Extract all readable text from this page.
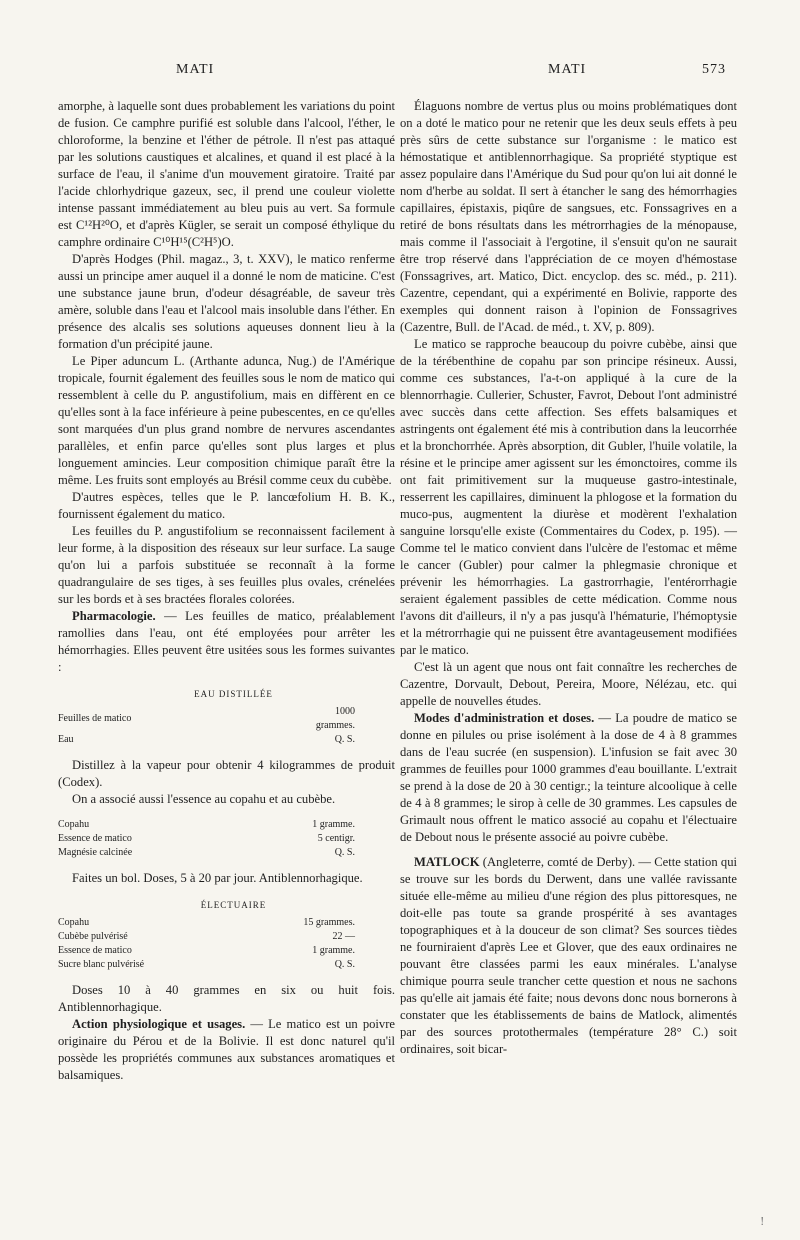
MATI	MATI	573

amorphe, à laquelle sont dues probablement les variations du point de fusion. Ce camphre purifié est soluble dans l'alcool, l'éther, le chloroforme, la benzine et l'éther de pétrole. Il n'est pas attaqué par les solutions caustiques et alcalines, et quand il est placé à la surface de l'eau, il s'anime d'un mouvement giratoire. Traité par l'acide chlorhydrique gazeux, sec, il prend une couleur violette intense passant immédiatement au bleu puis au vert. Sa formule est C¹²H²⁰O, et d'après Kügler, se serait un composé éthylique du camphre ordinaire C¹⁰H¹⁵(C²H⁵)O.

D'après Hodges (Phil. magaz., 3, t. XXV), le matico renferme aussi un principe amer auquel il a donné le nom de maticine. C'est une substance jaune brun, d'odeur désagréable, de saveur très amère, soluble dans l'eau et l'alcool mais insoluble dans l'éther. En présence des alcalis ses solutions aqueuses donnent lieu à la formation d'un précipité jaune.

Le Piper aduncum L. (Arthante adunca, Nug.) de l'Amérique tropicale, fournit également des feuilles sous le nom de matico qui ressemblent à celle du P. angustifolium, mais en diffèrent en ce qu'elles sont à la face inférieure à peine pubescentes, en ce qu'elles sont marquées d'un plus grand nombre de nervures ascendantes parallèles, et enfin parce qu'elles sont plus larges et plus longuement amincies. Leur composition chimique paraît être la même. Les fruits sont employés au Brésil comme ceux du cubèbe.

D'autres espèces, telles que le P. lancœfolium H. B. K., fournissent également du matico.

Les feuilles du P. angustifolium se reconnaissent facilement à leur forme, à la disposition des réseaux sur leur surface. La sauge qu'on lui a parfois substituée se reconnaît à la forme quadrangulaire de ses tiges, à ses feuilles plus ovales, crénelées sur les bords et à ses bractées florales colorées.

Pharmacologie. — Les feuilles de matico, préalablement ramollies dans l'eau, ont été employées pour arrêter les hémorrhagies. Elles peuvent être usitées sous les formes suivantes :

EAU DISTILLÉE

Feuilles de matico	1000 grammes.
Eau	Q. S.

Distillez à la vapeur pour obtenir 4 kilogrammes de produit (Codex).

On a associé aussi l'essence au copahu et au cubèbe.

Copahu	1 gramme.
Essence de matico	5 centigr.
Magnésie calcinée	Q. S.

Faites un bol. Doses, 5 à 20 par jour. Antiblennorhagique.

ÉLECTUAIRE

Copahu	15 grammes.
Cubèbe pulvérisé	22 —
Essence de matico	1 gramme.
Sucre blanc pulvérisé	Q. S.

Doses 10 à 40 grammes en six ou huit fois. Antiblennorhagique.

Action physiologique et usages. — Le matico est un poivre originaire du Pérou et de la Bolivie. Il est donc naturel qu'il possède les propriétés communes aux substances aromatiques et balsamiques.

Élaguons nombre de vertus plus ou moins problématiques dont on a doté le matico pour ne retenir que les deux seuls effets à peu près sûrs de cette substance sur l'organisme : le matico est hémostatique et antiblennorrhagique. Sa propriété styptique est assez populaire dans l'Amérique du Sud pour qu'on lui ait donné le nom d'herbe au soldat. Il sert à étancher le sang des hémorrhagies capillaires, épistaxis, piqûre de sangsues, etc. Fonssagrives en a retiré de bons résultats dans les métrorrhagies de la ménopause, mais comme il l'associait à l'ergotine, il s'ensuit qu'on ne saurait être trop réservé dans l'appréciation de ce moyen d'hémostase (Fonssagrives, art. Matico, Dict. encyclop. des sc. méd., p. 211). Cazentre, cependant, qui a expérimenté en Bolivie, rapporte des exemples qui donnent raison à l'opinion de Fonssagrives (Cazentre, Bull. de l'Acad. de méd., t. XV, p. 809).

Le matico se rapproche beaucoup du poivre cubèbe, ainsi que de la térébenthine de copahu par son principe résineux. Aussi, comme ces substances, l'a-t-on appliqué à la cure de la blennorrhagie. Cullerier, Schuster, Favrot, Debout l'ont administré avec succès dans cette affection. Ses effets balsamiques et astringents ont également été mis à contribution dans la leucorrhée et la bronchorrhée. Après absorption, dit Gubler, l'huile volatile, la résine et le principe amer agissent sur les émonctoires, comme ils ont fait primitivement sur la muqueuse gastro-intestinale, resserrent les capillaires, diminuent la phlogose et la formation du muco-pus, augmentent la diurèse et modèrent l'exhalation sanguine lorsqu'elle existe (Commentaires du Codex, p. 195). — Comme tel le matico convient dans l'ulcère de l'estomac et même le cancer (Gubler) pour calmer la phlegmasie chronique et prévenir les hémorrhagies. La gastrorrhagie, l'entérorrhagie seraient également passibles de cette médication. Comme nous l'avons dit d'ailleurs, il n'y a pas jusqu'à l'hématurie, l'hémoptysie et la métrorrhagie qui ne puissent être avantageusement modifiées par le matico.

C'est là un agent que nous ont fait connaître les recherches de Cazentre, Dorvault, Debout, Pereira, Moore, Nélézau, etc. qui appelle de nouvelles études.

Modes d'administration et doses. — La poudre de matico se donne en pilules ou prise isolément à la dose de 4 à 8 grammes dans de l'eau sucrée (en suspension). L'infusion se fait avec 30 grammes de feuilles pour 1000 grammes d'eau bouillante. L'extrait se prend à la dose de 20 à 30 centigr.; la teinture alcoolique à celle de 4 à 8 grammes; le sirop à celle de 30 grammes. Les capsules de Grimault nous offrent le matico associé au copahu et l'électuaire de Debout nous le présente associé au poivre cubèbe.

MATLOCK (Angleterre, comté de Derby). — Cette station qui se trouve sur les bords du Derwent, dans une vallée ravissante située elle-même au milieu d'une région des plus pittoresques, ne doit-elle pas toute sa grande prospérité à ses avantages topographiques et à la douceur de son climat? Ses sources tièdes ne fourniraient d'après Lee et Glover, que des eaux ordinaires ne pouvant être classées parmi les eaux minérales. L'analyse chimique pourra seule trancher cette question et nous ne sachons pas qu'elle ait jamais été faite; nous devons donc nous bornerons à constater que les établissements de bains de Matlock, alimentés par des sources protothermales (température 28° C.) soit ordinaires, soit bicar-

!
